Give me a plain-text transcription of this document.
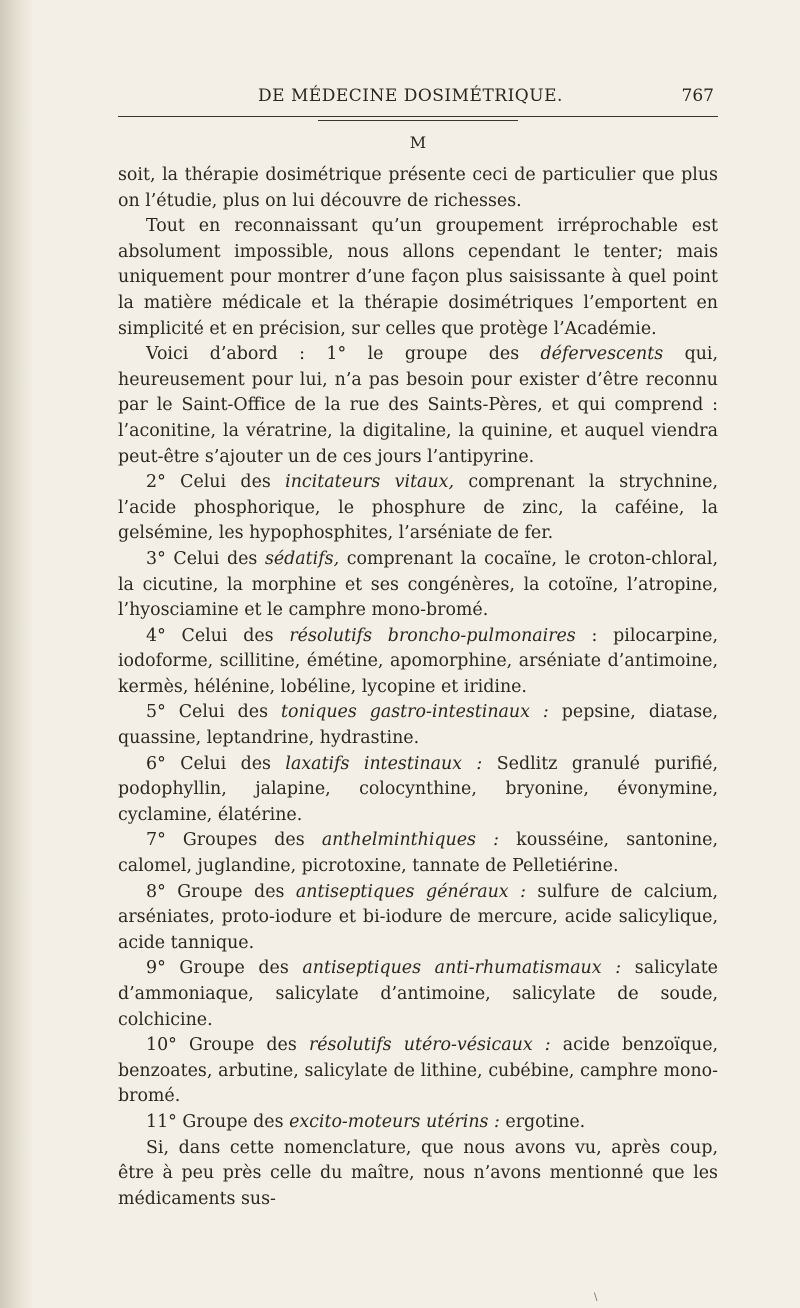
DE MÉDECINE DOSIMÉTRIQUE.	767
M

soit, la thérapie dosimétrique présente ceci de particulier que plus on l’étudie, plus on lui découvre de richesses.

Tout en reconnaissant qu’un groupement irréprochable est absolument impossible, nous allons cependant le tenter; mais uniquement pour montrer d’une façon plus saisissante à quel point la matière médicale et la thérapie dosimétriques l’emportent en simplicité et en précision, sur celles que protège l’Académie.

Voici d’abord : 1° le groupe des défervescents qui, heureusement pour lui, n’a pas besoin pour exister d’être reconnu par le Saint-Office de la rue des Saints-Pères, et qui comprend : l’aconitine, la vératrine, la digitaline, la quinine, et auquel viendra peut-être s’ajouter un de ces jours l’antipyrine.

2° Celui des incitateurs vitaux, comprenant la strychnine, l’acide phosphorique, le phosphure de zinc, la caféine, la gelsémine, les hypophosphites, l’arséniate de fer.

3° Celui des sédatifs, comprenant la cocaïne, le croton-chloral, la cicutine, la morphine et ses congénères, la cotoïne, l’atropine, l’hyosciamine et le camphre mono-bromé.

4° Celui des résolutifs broncho-pulmonaires : pilocarpine, iodoforme, scillitine, émétine, apomorphine, arséniate d’antimoine, kermès, hélénine, lobéline, lycopine et iridine.

5° Celui des toniques gastro-intestinaux : pepsine, diatase, quassine, leptandrine, hydrastine.

6° Celui des laxatifs intestinaux : Sedlitz granulé purifié, podophyllin, jalapine, colocynthine, bryonine, évonymine, cyclamine, élatérine.

7° Groupes des anthelminthiques : kousséine, santonine, calomel, juglandine, picrotoxine, tannate de Pelletiérine.

8° Groupe des antiseptiques généraux : sulfure de calcium, arséniates, proto-iodure et bi-iodure de mercure, acide salicylique, acide tannique.

9° Groupe des antiseptiques anti-rhumatismaux : salicylate d’ammoniaque, salicylate d’antimoine, salicylate de soude, colchicine.

10° Groupe des résolutifs utéro-vésicaux : acide benzoïque, benzoates, arbutine, salicylate de lithine, cubébine, camphre mono-bromé.

11° Groupe des excito-moteurs utérins : ergotine.

Si, dans cette nomenclature, que nous avons vu, après coup, être à peu près celle du maître, nous n’avons mentionné que les médicaments sus-

\
